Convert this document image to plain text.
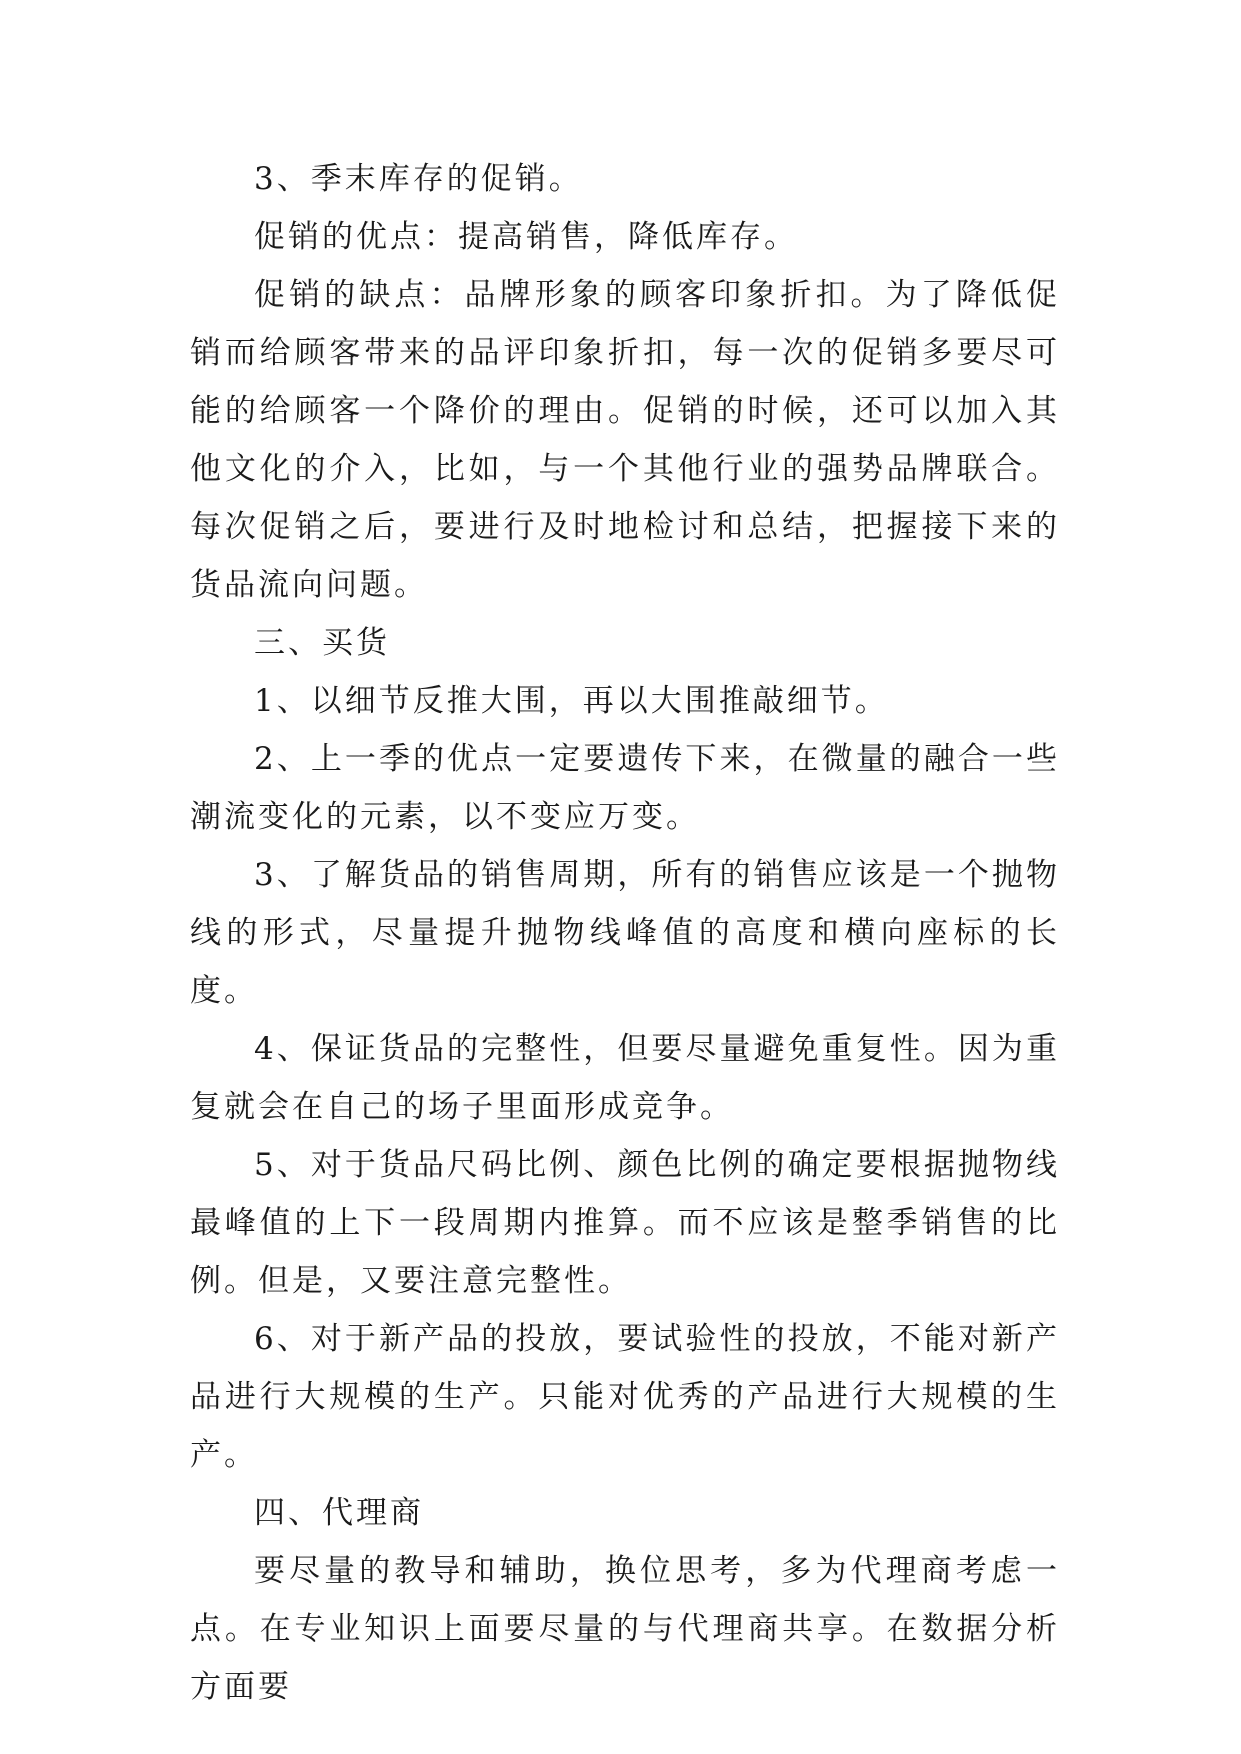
3、季末库存的促销。

促销的优点：提高销售，降低库存。

促销的缺点：品牌形象的顾客印象折扣。为了降低促销而给顾客带来的品评印象折扣，每一次的促销多要尽可能的给顾客一个降价的理由。促销的时候，还可以加入其他文化的介入，比如，与一个其他行业的强势品牌联合。每次促销之后，要进行及时地检讨和总结，把握接下来的货品流向问题。

三、买货

1、以细节反推大围，再以大围推敲细节。

2、上一季的优点一定要遗传下来，在微量的融合一些潮流变化的元素，以不变应万变。

3、了解货品的销售周期，所有的销售应该是一个抛物线的形式，尽量提升抛物线峰值的高度和横向座标的长度。

4、保证货品的完整性，但要尽量避免重复性。因为重复就会在自己的场子里面形成竞争。

5、对于货品尺码比例、颜色比例的确定要根据抛物线最峰值的上下一段周期内推算。而不应该是整季销售的比例。但是，又要注意完整性。

6、对于新产品的投放，要试验性的投放，不能对新产品进行大规模的生产。只能对优秀的产品进行大规模的生产。

四、代理商

要尽量的教导和辅助，换位思考，多为代理商考虑一点。在专业知识上面要尽量的与代理商共享。在数据分析方面要
